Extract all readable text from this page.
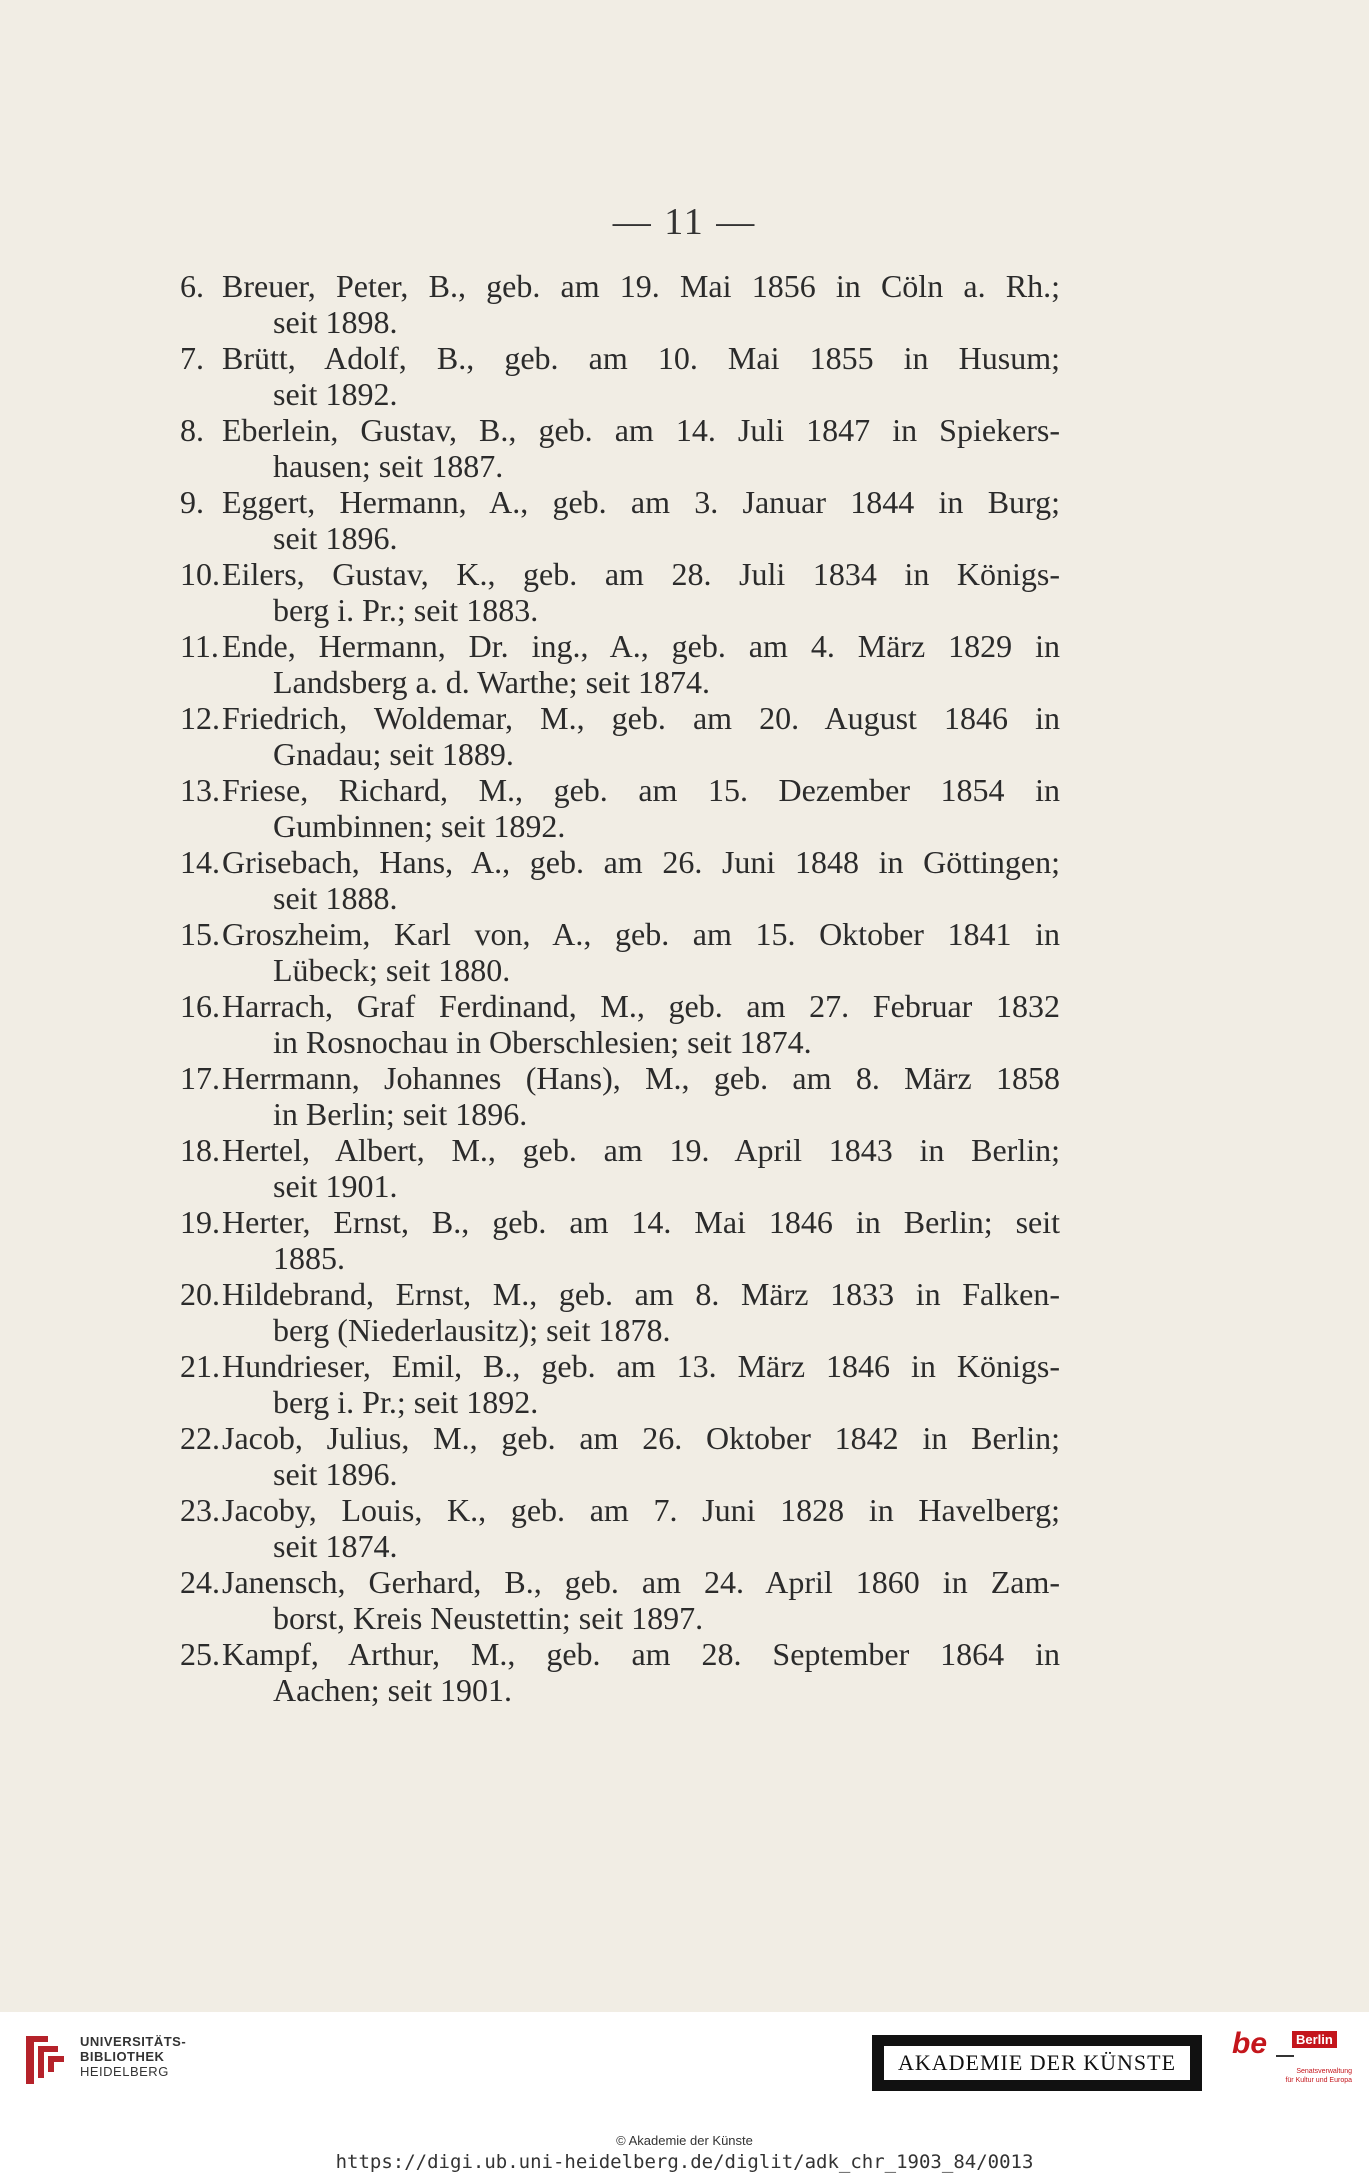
— 11 —
6. Breuer, Peter, B., geb. am 19. Mai 1856 in Cöln a. Rh.;
seit 1898.
7. Brütt, Adolf, B., geb. am 10. Mai 1855 in Husum;
seit 1892.
8. Eberlein, Gustav, B., geb. am 14. Juli 1847 in Spiekers-
hausen; seit 1887.
9. Eggert, Hermann, A., geb. am 3. Januar 1844 in Burg;
seit 1896.
10. Eilers, Gustav, K., geb. am 28. Juli 1834 in Königs-
berg i. Pr.; seit 1883.
11. Ende, Hermann, Dr. ing., A., geb. am 4. März 1829 in
Landsberg a. d. Warthe; seit 1874.
12. Friedrich, Woldemar, M., geb. am 20. August 1846 in
Gnadau; seit 1889.
13. Friese, Richard, M., geb. am 15. Dezember 1854 in
Gumbinnen; seit 1892.
14. Grisebach, Hans, A., geb. am 26. Juni 1848 in Göttingen;
seit 1888.
15. Groszheim, Karl von, A., geb. am 15. Oktober 1841 in
Lübeck; seit 1880.
16. Harrach, Graf Ferdinand, M., geb. am 27. Februar 1832
in Rosnochau in Oberschlesien; seit 1874.
17. Herrmann, Johannes (Hans), M., geb. am 8. März 1858
in Berlin; seit 1896.
18. Hertel, Albert, M., geb. am 19. April 1843 in Berlin;
seit 1901.
19. Herter, Ernst, B., geb. am 14. Mai 1846 in Berlin; seit
1885.
20. Hildebrand, Ernst, M., geb. am 8. März 1833 in Falken-
berg (Niederlausitz); seit 1878.
21. Hundrieser, Emil, B., geb. am 13. März 1846 in Königs-
berg i. Pr.; seit 1892.
22. Jacob, Julius, M., geb. am 26. Oktober 1842 in Berlin;
seit 1896.
23. Jacoby, Louis, K., geb. am 7. Juni 1828 in Havelberg;
seit 1874.
24. Janensch, Gerhard, B., geb. am 24. April 1860 in Zam-
borst, Kreis Neustettin; seit 1897.
25. Kampf, Arthur, M., geb. am 28. September 1864 in
Aachen; seit 1901.
UNIVERSITÄTS-
BIBLIOTHEK
HEIDELBERG	AKADEMIE DER KÜNSTE
be	Berlin
Senatsverwaltung
für Kultur und Europa
© Akademie der Künste
https://digi.ub.uni-heidelberg.de/diglit/adk_chr_1903_84/0013
